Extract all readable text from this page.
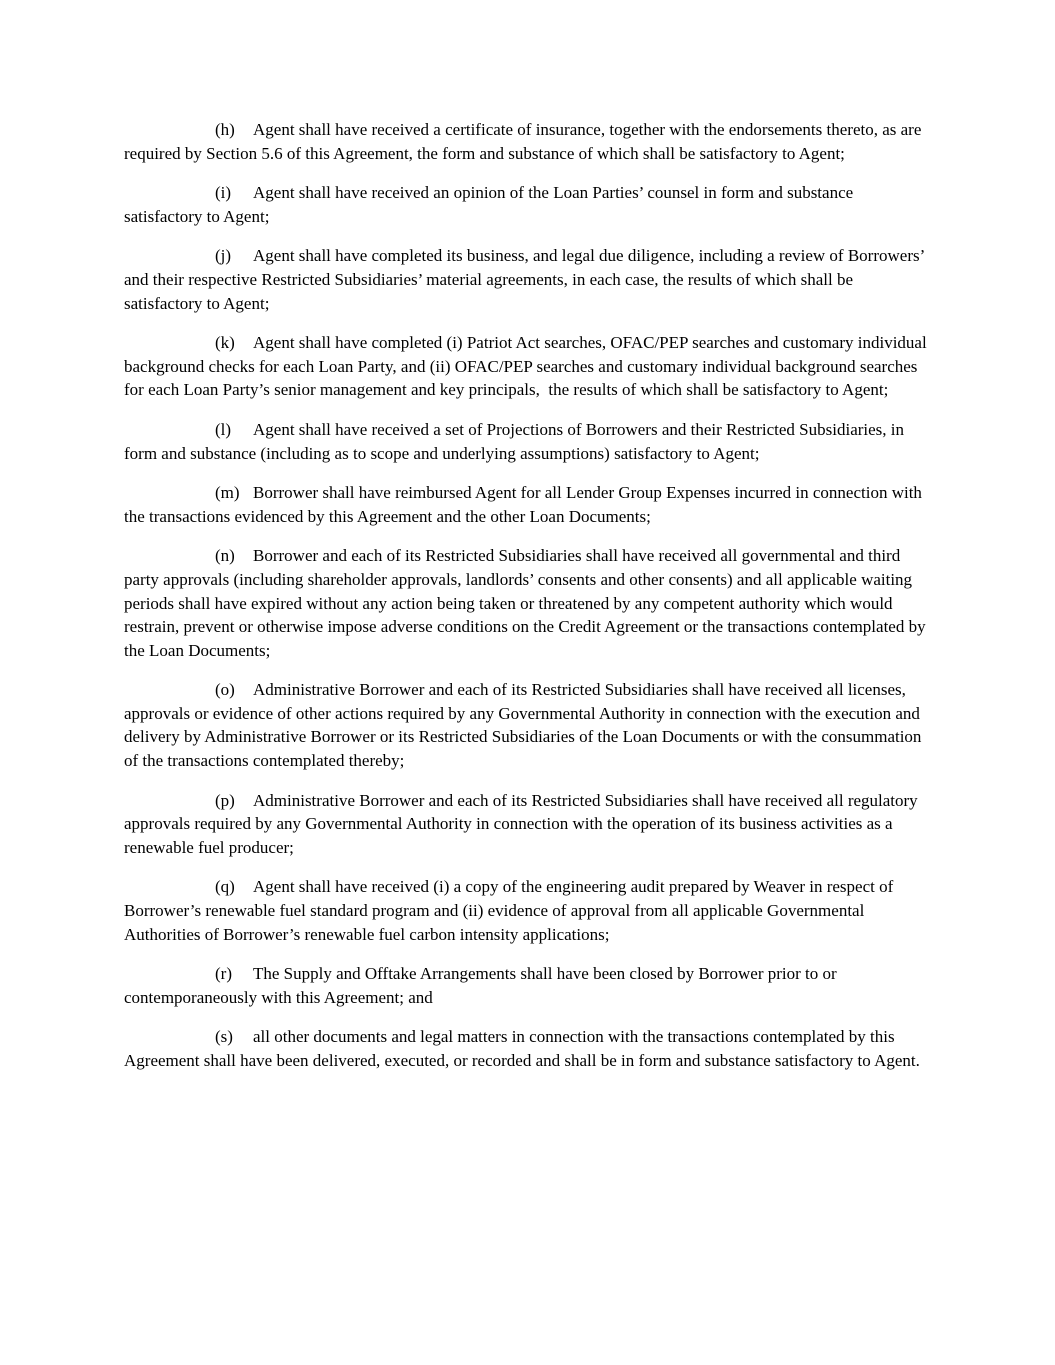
(h) Agent shall have received a certificate of insurance, together with the endorsements thereto, as are required by Section 5.6 of this Agreement, the form and substance of which shall be satisfactory to Agent;

(i) Agent shall have received an opinion of the Loan Parties’ counsel in form and substance satisfactory to Agent;

(j) Agent shall have completed its business, and legal due diligence, including a review of Borrowers’ and their respective Restricted Subsidiaries’ material agreements, in each case, the results of which shall be satisfactory to Agent;

(k) Agent shall have completed (i) Patriot Act searches, OFAC/PEP searches and customary individual background checks for each Loan Party, and (ii) OFAC/PEP searches and customary individual background searches for each Loan Party’s senior management and key principals,  the results of which shall be satisfactory to Agent;

(l) Agent shall have received a set of Projections of Borrowers and their Restricted Subsidiaries, in form and substance (including as to scope and underlying assumptions) satisfactory to Agent;

(m) Borrower shall have reimbursed Agent for all Lender Group Expenses incurred in connection with the transactions evidenced by this Agreement and the other Loan Documents;

(n) Borrower and each of its Restricted Subsidiaries shall have received all governmental and third party approvals (including shareholder approvals, landlords’ consents and other consents) and all applicable waiting periods shall have expired without any action being taken or threatened by any competent authority which would restrain, prevent or otherwise impose adverse conditions on the Credit Agreement or the transactions contemplated by the Loan Documents;

(o) Administrative Borrower and each of its Restricted Subsidiaries shall have received all licenses, approvals or evidence of other actions required by any Governmental Authority in connection with the execution and delivery by Administrative Borrower or its Restricted Subsidiaries of the Loan Documents or with the consummation of the transactions contemplated thereby;

(p) Administrative Borrower and each of its Restricted Subsidiaries shall have received all regulatory approvals required by any Governmental Authority in connection with the operation of its business activities as a renewable fuel producer;

(q) Agent shall have received (i) a copy of the engineering audit prepared by Weaver in respect of Borrower’s renewable fuel standard program and (ii) evidence of approval from all applicable Governmental Authorities of Borrower’s renewable fuel carbon intensity applications;

(r) The Supply and Offtake Arrangements shall have been closed by Borrower prior to or contemporaneously with this Agreement; and

(s) all other documents and legal matters in connection with the transactions contemplated by this Agreement shall have been delivered, executed, or recorded and shall be in form and substance satisfactory to Agent.
